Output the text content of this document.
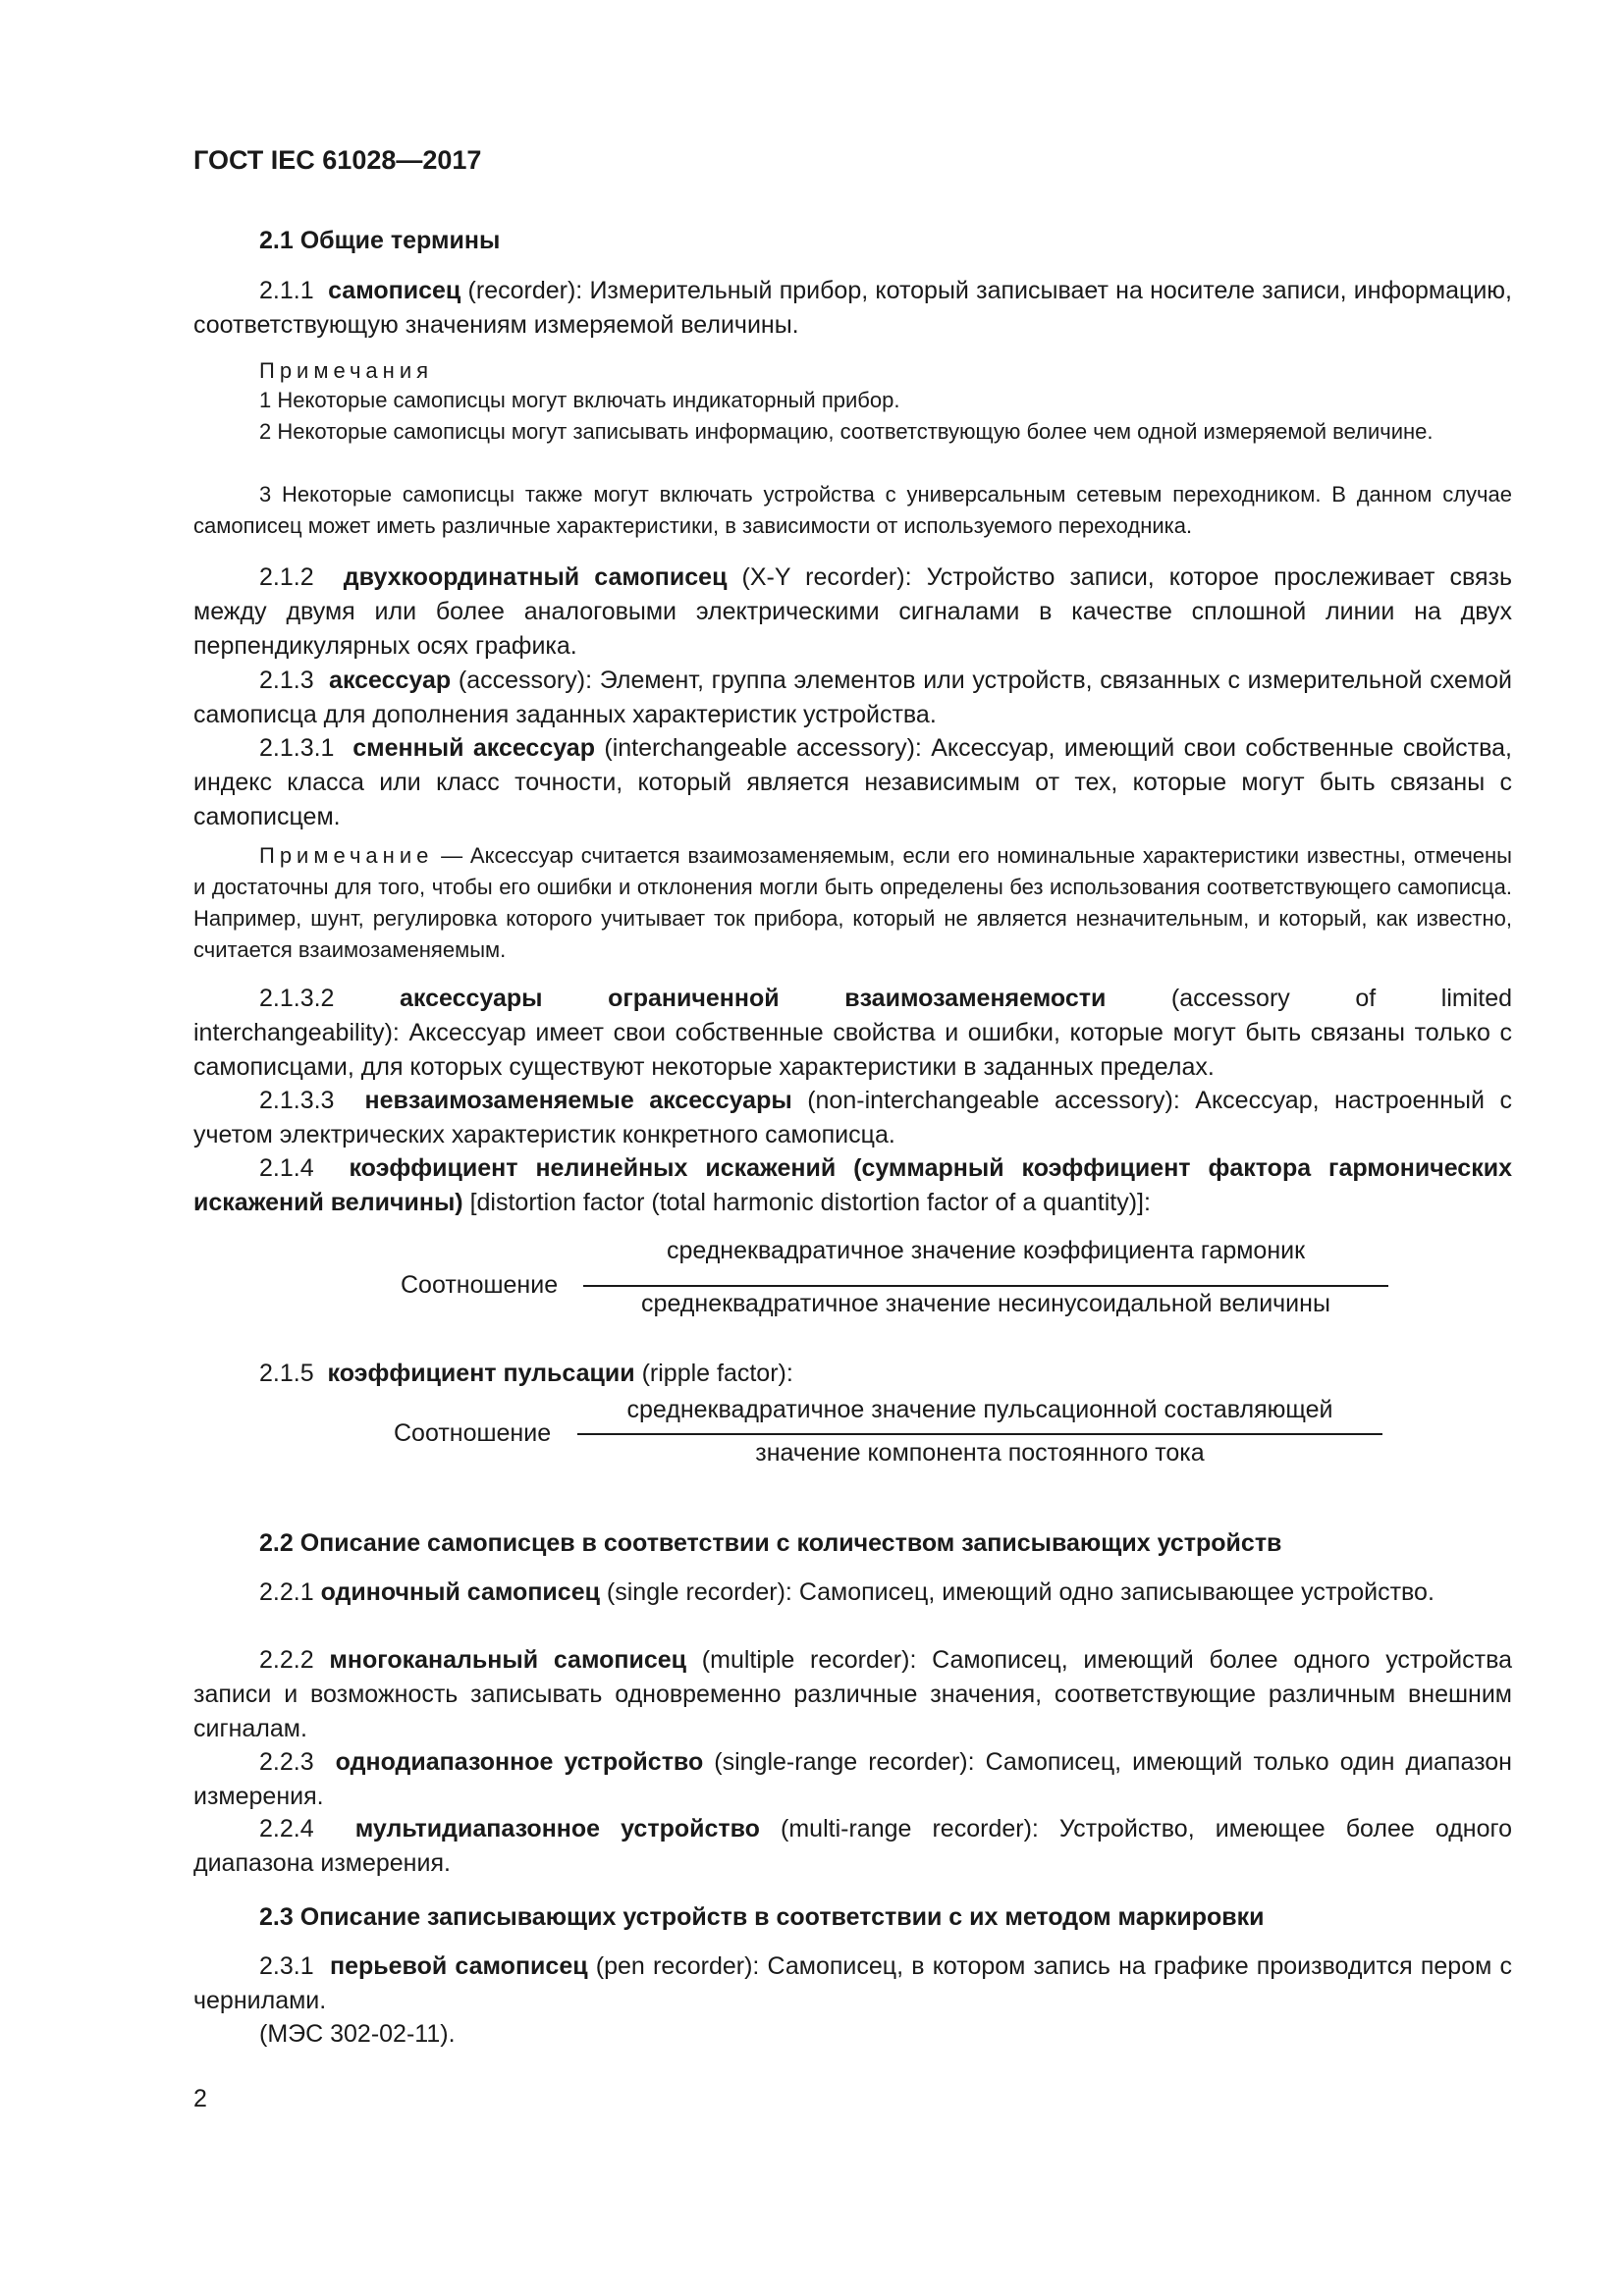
ГОСТ IEC 61028—2017
2.1 Общие термины
2.1.1 самописец (recorder): Измерительный прибор, который записывает на носителе записи, информацию, соответствующую значениям измеряемой величины.
Примечания
1 Некоторые самописцы могут включать индикаторный прибор.
2 Некоторые самописцы могут записывать информацию, соответствующую более чем одной измеряемой величине.
3 Некоторые самописцы также могут включать устройства с универсальным сетевым переходником. В данном случае самописец может иметь различные характеристики, в зависимости от используемого переходника.
2.1.2 двухкоординатный самописец (X-Y recorder): Устройство записи, которое прослеживает связь между двумя или более аналоговыми электрическими сигналами в качестве сплошной линии на двух перпендикулярных осях графика.
2.1.3 аксессуар (accessory): Элемент, группа элементов или устройств, связанных с измерительной схемой самописца для дополнения заданных характеристик устройства.
2.1.3.1 сменный аксессуар (interchangeable accessory): Аксессуар, имеющий свои собственные свойства, индекс класса или класс точности, который является независимым от тех, которые могут быть связаны с самописцем.
Примечание — Аксессуар считается взаимозаменяемым, если его номинальные характеристики известны, отмечены и достаточны для того, чтобы его ошибки и отклонения могли быть определены без использования соответствующего самописца. Например, шунт, регулировка которого учитывает ток прибора, который не является незначительным, и который, как известно, считается взаимозаменяемым.
2.1.3.2	аксессуары	ограниченной	взаимозаменяемости	(accessory	of	limited
interchangeability): Аксессуар имеет свои собственные свойства и ошибки, которые могут быть связаны только с самописцами, для которых существуют некоторые характеристики в заданных пределах.
2.1.3.3 невзаимозаменяемые аксессуары (non-interchangeable accessory): Аксессуар, настроенный с учетом электрических характеристик конкретного самописца.
2.1.4 коэффициент нелинейных искажений (суммарный коэффициент фактора гармонических искажений величины) [distortion factor (total harmonic distortion factor of a quantity)]:
Соотношение
среднеквадратичное значение коэффициента гармоник
среднеквадратичное значение несинусоидальной величины
2.1.5 коэффициент пульсации (ripple factor):
Соотношение
среднеквадратичное значение пульсационной составляющей
значение компонента постоянного тока
2.2 Описание самописцев в соответствии с количеством записывающих устройств
2.2.1 одиночный самописец (single recorder): Самописец, имеющий одно записывающее устройство.
2.2.2 многоканальный самописец (multiple recorder): Самописец, имеющий более одного устройства записи и возможность записывать одновременно различные значения, соответствующие различным внешним сигналам.
2.2.3 однодиапазонное устройство (single-range recorder): Самописец, имеющий только один диапазон измерения.
2.2.4 мультидиапазонное устройство (multi-range recorder): Устройство, имеющее более одного диапазона измерения.
2.3 Описание записывающих устройств в соответствии с их методом маркировки
2.3.1 перьевой самописец (pen recorder): Самописец, в котором запись на графике производится пером с чернилами.
(МЭС 302-02-11).
2
